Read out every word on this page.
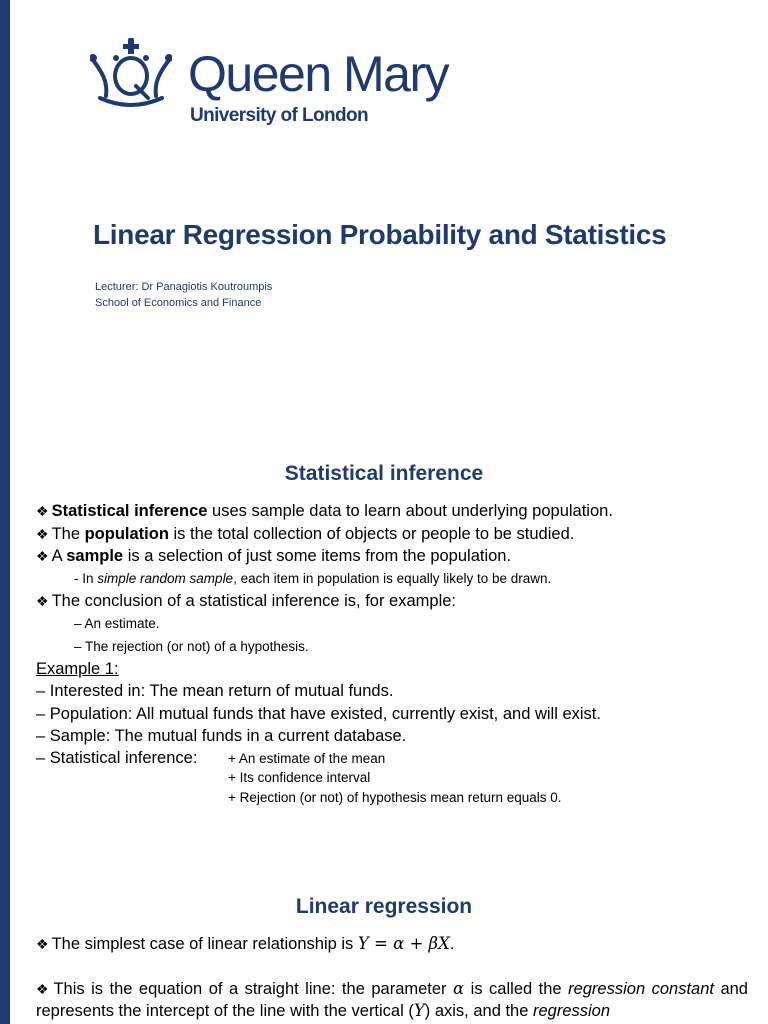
Queen Mary
University of London
Linear Regression Probability and Statistics
Lecturer: Dr Panagiotis Koutroumpis
School of Economics and Finance
Statistical inference
❖ Statistical inference uses sample data to learn about underlying population.
❖ The population is the total collection of objects or people to be studied.
❖ A sample is a selection of just some items from the population.
- In simple random sample, each item in population is equally likely to be drawn.
❖ The conclusion of a statistical inference is, for example:
– An estimate.
– The rejection (or not) of a hypothesis.
Example 1:
– Interested in: The mean return of mutual funds.
– Population: All mutual funds that have existed, currently exist, and will exist.
– Sample: The mutual funds in a current database.
– Statistical inference: + An estimate of the mean
+ Its confidence interval
+ Rejection (or not) of hypothesis mean return equals 0.
Linear regression
❖ The simplest case of linear relationship is Y = α + βX.
❖ This is the equation of a straight line: the parameter α is called the regression constant and represents the intercept of the line with the vertical (Y) axis, and the regression
